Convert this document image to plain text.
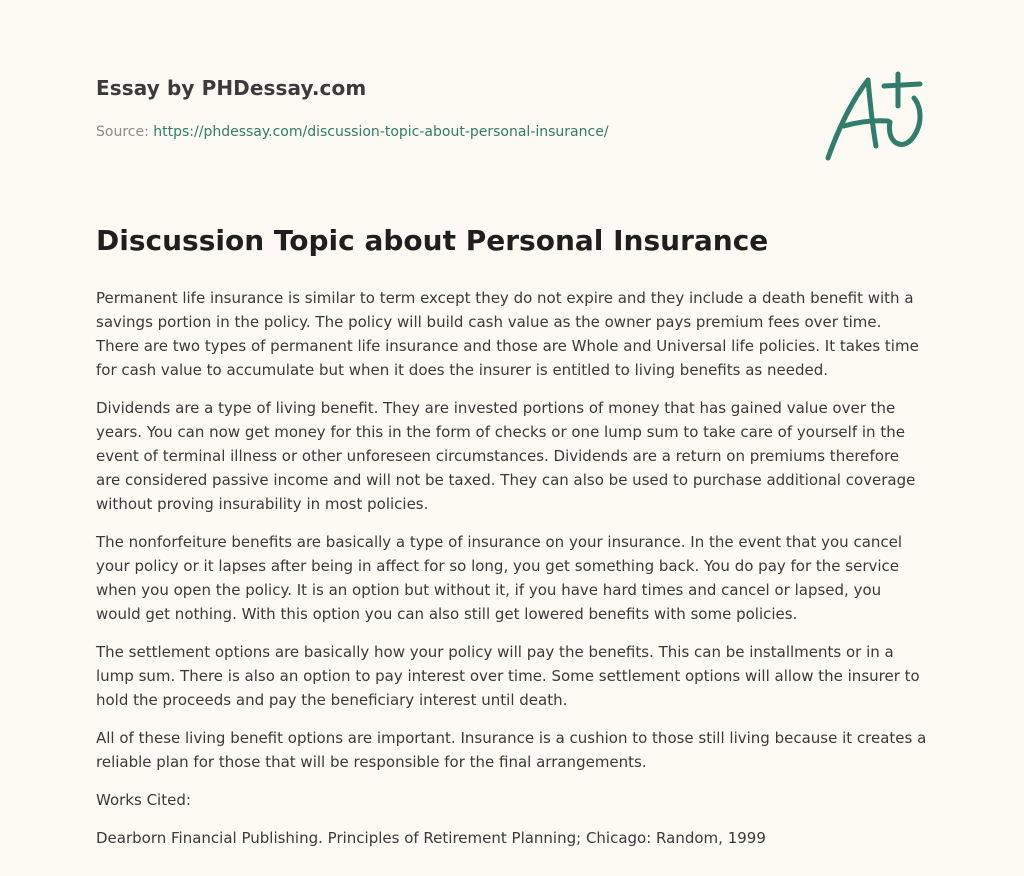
Essay by PHDessay.com
Source: https://phdessay.com/discussion-topic-about-personal-insurance/
Discussion Topic about Personal Insurance

Permanent life insurance is similar to term except they do not expire and they include a death benefit with a savings portion in the policy. The policy will build cash value as the owner pays premium fees over time. There are two types of permanent life insurance and those are Whole and Universal life policies. It takes time for cash value to accumulate but when it does the insurer is entitled to living benefits as needed.

Dividends are a type of living benefit. They are invested portions of money that has gained value over the years. You can now get money for this in the form of checks or one lump sum to take care of yourself in the event of terminal illness or other unforeseen circumstances. Dividends are a return on premiums therefore are considered passive income and will not be taxed. They can also be used to purchase additional coverage without proving insurability in most policies.

The nonforfeiture benefits are basically a type of insurance on your insurance. In the event that you cancel your policy or it lapses after being in affect for so long, you get something back. You do pay for the service when you open the policy. It is an option but without it, if you have hard times and cancel or lapsed, you would get nothing. With this option you can also still get lowered benefits with some policies.

The settlement options are basically how your policy will pay the benefits. This can be installments or in a lump sum. There is also an option to pay interest over time. Some settlement options will allow the insurer to hold the proceeds and pay the beneficiary interest until death.

All of these living benefit options are important. Insurance is a cushion to those still living because it creates a reliable plan for those that will be responsible for the final arrangements.

Works Cited:

Dearborn Financial Publishing. Principles of Retirement Planning; Chicago: Random, 1999
